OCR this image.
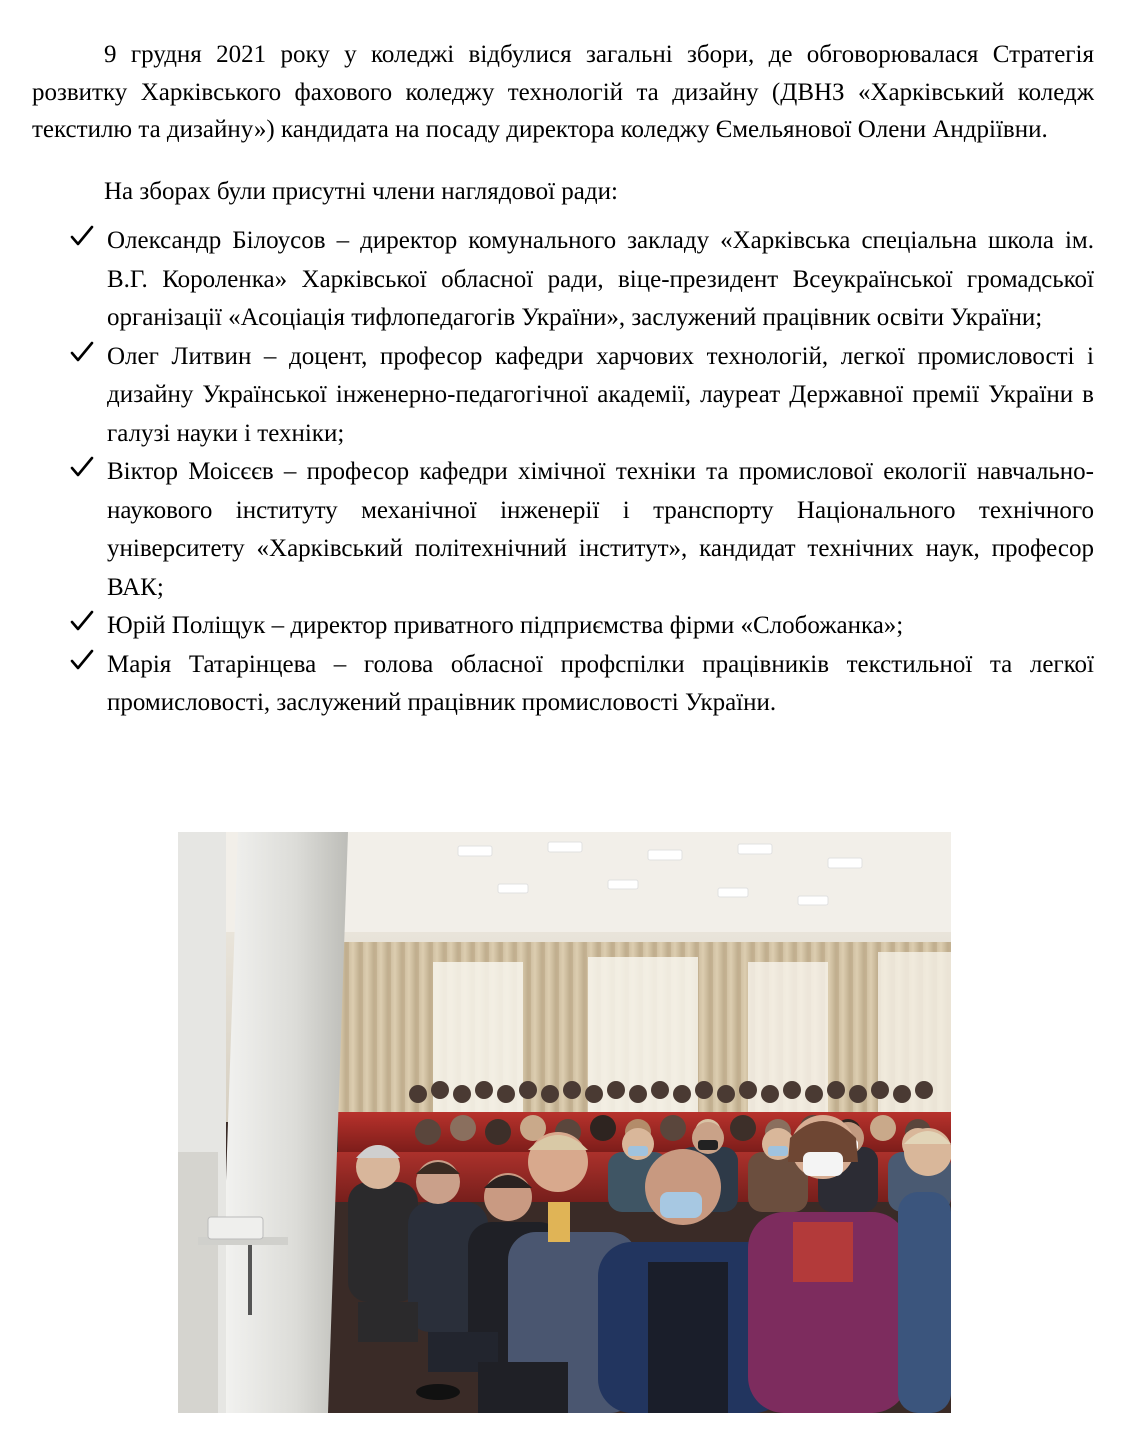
9 грудня 2021 року у коледжі відбулися загальні збори, де обговорювалася Стратегія розвитку Харківського фахового коледжу технологій та дизайну (ДВНЗ «Харківський коледж текстилю та дизайну») кандидата на посаду директора коледжу Ємельянової Олени Андріївни.

На зборах були присутні члени наглядової ради:

Олександр Білоусов – директор комунального закладу «Харківська спеціальна школа ім. В.Г. Короленка» Харківської обласної ради, віце-президент Всеукраїнської громадської організації «Асоціація тифлопедагогів України», заслужений працівник освіти України;
Олег Литвин – доцент, професор кафедри харчових технологій, легкої промисловості і дизайну Української інженерно-педагогічної академії, лауреат Державної премії України в галузі науки і техніки;
Віктор Моісєєв – професор кафедри хімічної техніки та промислової екології навчально-наукового інституту механічної інженерії і транспорту Національного технічного університету «Харківський політехнічний інститут», кандидат технічних наук, професор ВАК;
Юрій Поліщук – директор приватного підприємства фірми «Слобожанка»;
Марія Татарінцева – голова обласної профспілки працівників текстильної та легкої промисловості, заслужений працівник промисловості України.
